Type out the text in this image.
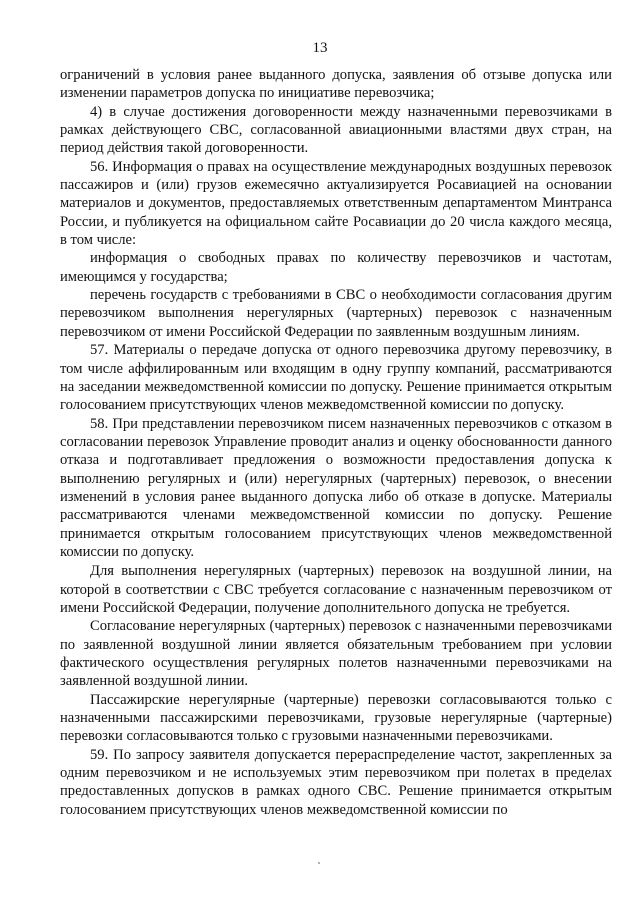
13

ограничений в условия ранее выданного допуска, заявления об отзыве допуска или изменении параметров допуска по инициативе перевозчика;

4) в случае достижения договоренности между назначенными перевозчиками в рамках действующего СВС, согласованной авиационными властями двух стран, на период действия такой договоренности.

56. Информация о правах на осуществление международных воздушных перевозок пассажиров и (или) грузов ежемесячно актуализируется Росавиацией на основании материалов и документов, предоставляемых ответственным департаментом Минтранса России, и публикуется на официальном сайте Росавиации до 20 числа каждого месяца, в том числе:

информация о свободных правах по количеству перевозчиков и частотам, имеющимся у государства;

перечень государств с требованиями в СВС о необходимости согласования другим перевозчиком выполнения нерегулярных (чартерных) перевозок с назначенным перевозчиком от имени Российской Федерации по заявленным воздушным линиям.

57. Материалы о передаче допуска от одного перевозчика другому перевозчику, в том числе аффилированным или входящим в одну группу компаний, рассматриваются на заседании межведомственной комиссии по допуску. Решение принимается открытым голосованием присутствующих членов межведомственной комиссии по допуску.

58. При представлении перевозчиком писем назначенных перевозчиков с отказом в согласовании перевозок Управление проводит анализ и оценку обоснованности данного отказа и подготавливает предложения о возможности предоставления допуска к выполнению регулярных и (или) нерегулярных (чартерных) перевозок, о внесении изменений в условия ранее выданного допуска либо об отказе в допуске. Материалы рассматриваются членами межведомственной комиссии по допуску. Решение принимается открытым голосованием присутствующих членов межведомственной комиссии по допуску.

Для выполнения нерегулярных (чартерных) перевозок на воздушной линии, на которой в соответствии с СВС требуется согласование с назначенным перевозчиком от имени Российской Федерации, получение дополнительного допуска не требуется.

Согласование нерегулярных (чартерных) перевозок с назначенными перевозчиками по заявленной воздушной линии является обязательным требованием при условии фактического осуществления регулярных полетов назначенными перевозчиками на заявленной воздушной линии.

Пассажирские нерегулярные (чартерные) перевозки согласовываются только с назначенными пассажирскими перевозчиками, грузовые нерегулярные (чартерные) перевозки согласовываются только с грузовыми назначенными перевозчиками.

59. По запросу заявителя допускается перераспределение частот, закрепленных за одним перевозчиком и не используемых этим перевозчиком при полетах в пределах предоставленных допусков в рамках одного СВС. Решение принимается открытым голосованием присутствующих членов межведомственной комиссии по
